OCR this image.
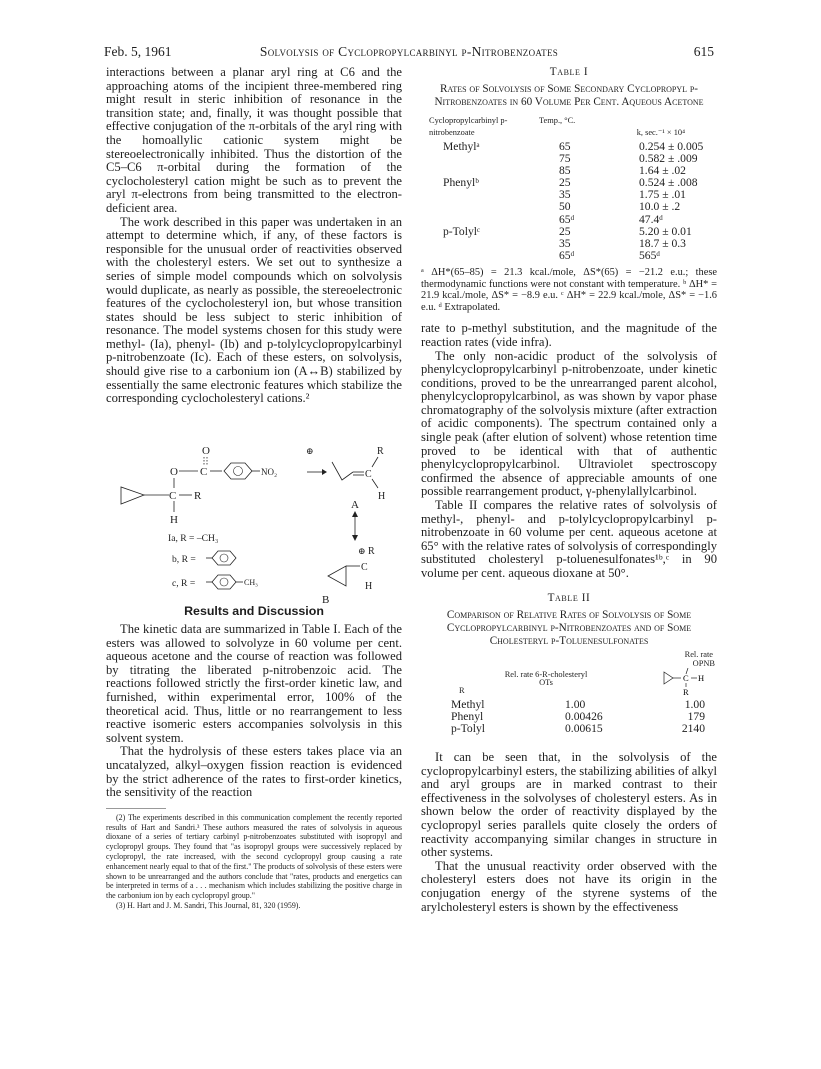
Feb. 5, 1961	Solvolysis of Cyclopropylcarbinyl p-Nitrobenzoates	615

interactions between a planar aryl ring at C6 and the approaching atoms of the incipient three-membered ring might result in steric inhibition of resonance in the transition state; and, finally, it was thought possible that effective conjugation of the π-orbitals of the aryl ring with the homoallylic cationic system might be stereoelectronically inhibited. Thus the distortion of the C5–C6 π-orbital during the formation of the cyclocholesteryl cation might be such as to prevent the aryl π-electrons from being transmitted to the electron-deficient area.

The work described in this paper was undertaken in an attempt to determine which, if any, of these factors is responsible for the unusual order of reactivities observed with the cholesteryl esters. We set out to synthesize a series of simple model compounds which on solvolysis would duplicate, as nearly as possible, the stereoelectronic features of the cyclocholesteryl ion, but whose transition states should be less subject to steric inhibition of resonance. The model systems chosen for this study were methyl- (Ia), phenyl- (Ib) and p-tolylcyclopropylcarbinyl p-nitrobenzoate (Ic). Each of these esters, on solvolysis, should give rise to a carbonium ion (A↔B) stabilized by essentially the same electronic features which stabilize the corresponding cyclocholesteryl cations.²

O
O C	NO₂
C R
H
⊕
C
R
H
A
⊕ R
C
H
B
Ia, R = –CH₃
b, R =
c, R =	CH₃
Results and Discussion

The kinetic data are summarized in Table I. Each of the esters was allowed to solvolyze in 60 volume per cent. aqueous acetone and the course of reaction was followed by titrating the liberated p-nitrobenzoic acid. The reactions followed strictly the first-order kinetic law, and furnished, within experimental error, 100% of the theoretical acid. Thus, little or no rearrangement to less reactive isomeric esters accompanies solvolysis in this solvent system.

That the hydrolysis of these esters takes place via an uncatalyzed, alkyl–oxygen fission reaction is evidenced by the strict adherence of the rates to first-order kinetics, the sensitivity of the reaction

(2) The experiments described in this communication complement the recently reported results of Hart and Sandri.³ These authors measured the rates of solvolysis in aqueous dioxane of a series of tertiary carbinyl p-nitrobenzoates substituted with isopropyl and cyclopropyl groups. They found that "as isopropyl groups were successively replaced by cyclopropyl, the rate increased, with the second cyclopropyl group causing a rate enhancement nearly equal to that of the first." The products of solvolysis of these esters were shown to be unrearranged and the authors conclude that "rates, products and energetics can be interpreted in terms of a . . . mechanism which includes stabilizing the positive charge in the carbonium ion by each cyclopropyl group."

(3) H. Hart and J. M. Sandri, This Journal, 81, 320 (1959).

Table I
Rates of Solvolysis of Some Secondary Cyclopropyl p-Nitrobenzoates in 60 Volume Per Cent. Aqueous Acetone
Cyclopropylcarbinyl p-nitrobenzoate	Temp., °C.	k, sec.⁻¹ × 10⁴
Methylᵃ	65	0.254 ± 0.005
	75	0.582 ± .009
	85	1.64 ± .02
Phenylᵇ	25	0.524 ± .008
	35	1.75 ± .01
	50	10.0 ± .2
	65ᵈ	47.4ᵈ
p-Tolylᶜ	25	5.20 ± 0.01
	35	18.7 ± 0.3
	65ᵈ	565ᵈ
ᵃ ΔH*(65–85) = 21.3 kcal./mole, ΔS*(65) = −21.2 e.u.; these thermodynamic functions were not constant with temperature. ᵇ ΔH* = 21.9 kcal./mole, ΔS* = −8.9 e.u. ᶜ ΔH* = 22.9 kcal./mole, ΔS* = −1.6 e.u. ᵈ Extrapolated.

rate to p-methyl substitution, and the magnitude of the reaction rates (vide infra).

The only non-acidic product of the solvolysis of phenylcyclopropylcarbinyl p-nitrobenzoate, under kinetic conditions, proved to be the unrearranged parent alcohol, phenylcyclopropylcarbinol, as was shown by vapor phase chromatography of the solvolysis mixture (after extraction of acidic components). The spectrum contained only a single peak (after elution of solvent) whose retention time proved to be identical with that of authentic phenylcyclopropylcarbinol. Ultraviolet spectroscopy confirmed the absence of appreciable amounts of one possible rearrangement product, γ-phenylallylcarbinol.

Table II compares the relative rates of solvolysis of methyl-, phenyl- and p-tolylcyclopropylcarbinyl p-nitrobenzoate in 60 volume per cent. aqueous acetone at 65° with the relative rates of solvolysis of correspondingly substituted cholesteryl p-toluenesulfonates¹ᵇ,ᶜ in 90 volume per cent. aqueous dioxane at 50°.

Table II
Comparison of Relative Rates of Solvolysis of Some Cyclopropylcarbinyl p-Nitrobenzoates and of Some Cholesteryl p-Toluenesulfonates
Rel. rate
OPNB
C H
R
Rel. rate 6-R-cholesteryl OTs
R
Methyl	1.00	1.00
Phenyl	0.00426	179
p-Tolyl	0.00615	2140

It can be seen that, in the solvolysis of the cyclopropylcarbinyl esters, the stabilizing abilities of alkyl and aryl groups are in marked contrast to their effectiveness in the solvolyses of cholesteryl esters. As in shown below the order of reactivity displayed by the cyclopropyl series parallels quite closely the orders of reactivity accompanying similar changes in structure in other systems.

That the unusual reactivity order observed with the cholesteryl esters does not have its origin in the conjugation energy of the styrene systems of the arylcholesteryl esters is shown by the effectiveness
